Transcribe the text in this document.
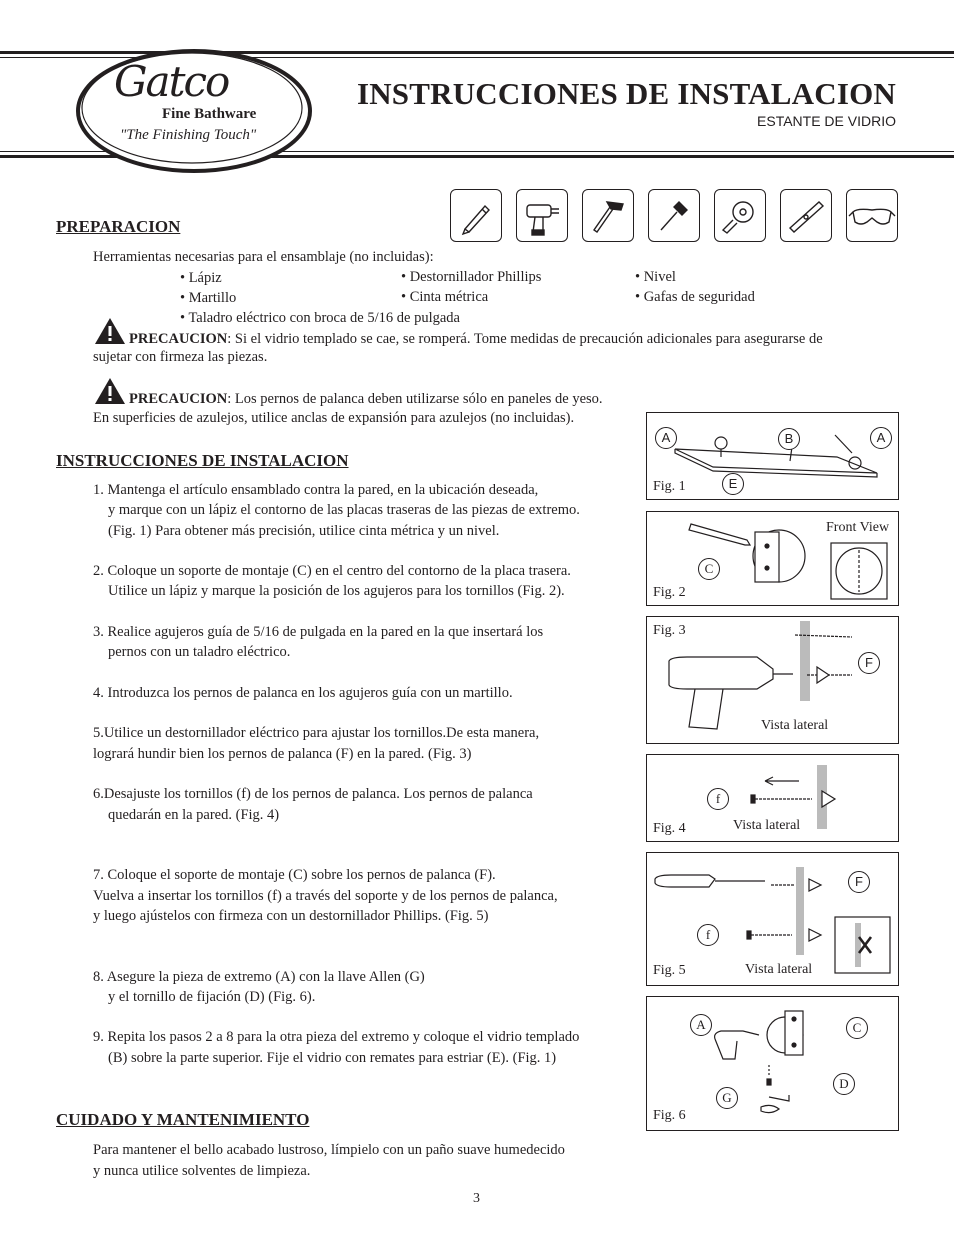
Gatco
Fine Bathware
"The Finishing Touch"
INSTRUCCIONES DE INSTALACION
ESTANTE DE VIDRIO
PREPARACION
Herramientas necesarias para el ensamblaje (no incluidas):
• Lápiz
• Martillo
• Taladro eléctrico con broca de 5/16 de pulgada
• Destornillador Phillips
• Cinta métrica
• Nivel
• Gafas de seguridad
PRECAUCION: Si el vidrio templado se cae, se romperá. Tome medidas de precaución adicionales para asegurarse de
sujetar con firmeza las piezas.
PRECAUCION: Los pernos de palanca deben utilizarse sólo en paneles de yeso.
En superficies de azulejos, utilice anclas de expansión para azulejos (no incluidas).
INSTRUCCIONES DE INSTALACION
1. Mantenga el artículo ensamblado contra la pared, en la ubicación deseada,
y marque con un lápiz el contorno de las placas traseras de las piezas de extremo.
(Fig. 1) Para obtener más precisión, utilice cinta métrica y un nivel.
2. Coloque un soporte de montaje (C) en el centro del contorno de la placa trasera.
Utilice un lápiz y marque la posición de los agujeros para los tornillos (Fig. 2).
3. Realice agujeros guía de 5/16 de pulgada en la pared en la que insertará los
pernos con un taladro eléctrico.
4. Introduzca los pernos de palanca en los agujeros guía con un martillo.
5.Utilice un destornillador eléctrico para ajustar los tornillos.De esta manera,
logrará hundir bien los pernos de palanca (F) en la pared. (Fig. 3)
6.Desajuste los tornillos (f) de los pernos de palanca. Los pernos de palanca
quedarán en la pared. (Fig. 4)
7. Coloque el soporte de montaje (C) sobre los pernos de palanca (F).
Vuelva a insertar los tornillos (f) a través del soporte y de los pernos de palanca,
y luego ajústelos con firmeza con un destornillador Phillips. (Fig. 5)
8. Asegure la pieza de extremo (A) con la llave Allen (G)
y el tornillo de fijación (D) (Fig. 6).
9. Repita los pasos 2 a 8 para la otra pieza del extremo y coloque el vidrio templado
(B) sobre la parte superior. Fije el vidrio con remates para estriar (E). (Fig. 1)
CUIDADO Y MANTENIMIENTO
Para mantener el bello acabado lustroso, límpielo con un paño suave humedecido
y nunca utilice solventes de limpieza.
3
A	B	A
E
Fig. 1
C
Front View
Fig. 2
F
Fig. 3
Vista lateral
f
Fig. 4	Vista lateral
F
f
Fig. 5	Vista lateral
A	C
D
G
Fig. 6
